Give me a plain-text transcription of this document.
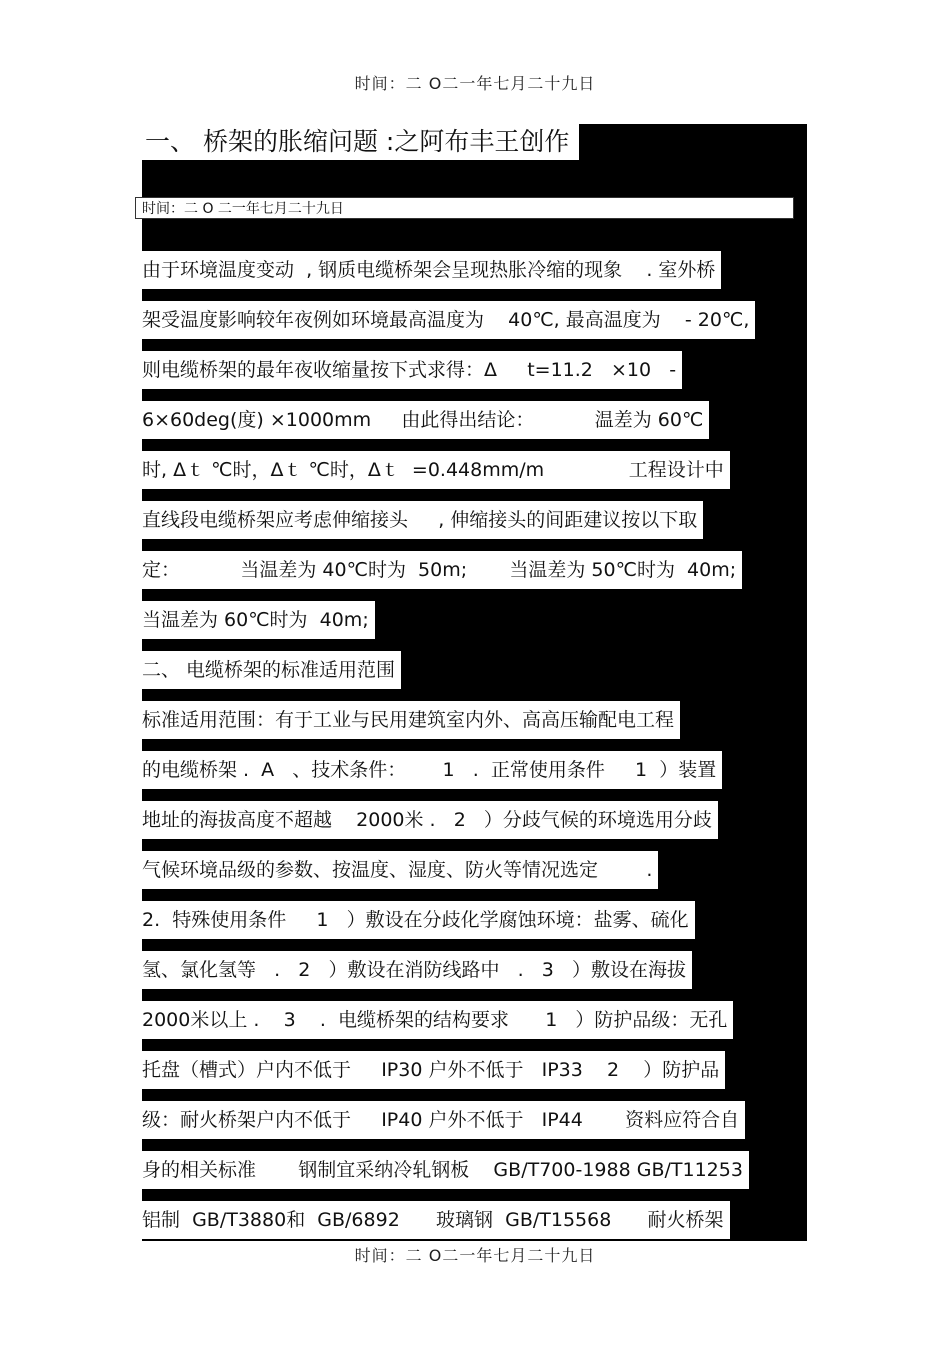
时间：二 O二一年七月二十九日
一、 桥架的胀缩问题 :之阿布丰王创作
时间：二 O 二一年七月二十九日
由于环境温度变动  , 钢质电缆桥架会呈现热胀冷缩的现象    . 室外桥
架受温度影响较年夜例如环境最高温度为    40℃, 最高温度为    - 20℃,
则电缆桥架的最年夜收缩量按下式求得：Δ     t=11.2   ×10   -
6×60deg(度) ×1000mm     由此得出结论：          温差为 60℃
时, Δｔ ℃时，Δｔ ℃时，Δｔ  =0.448mm/m              工程设计中
直线段电缆桥架应考虑伸缩接头     , 伸缩接头的间距建议按以下取
定：          当温差为 40℃时为  50m;       当温差为 50℃时为  40m;
当温差为 60℃时为  40m;
二、 电缆桥架的标准适用范围
标准适用范围：有于工业与民用建筑室内外、高高压输配电工程
的电缆桥架 .  A   、技术条件：      1   .  正常使用条件     1  ）装置
地址的海拔高度不超越    2000米 .   2   ）分歧气候的环境选用分歧
气候环境品级的参数、按温度、湿度、防火等情况选定        .
2.  特殊使用条件     1   ）敷设在分歧化学腐蚀环境：盐雾、硫化
氢、氯化氢等   .   2   ）敷设在消防线路中   .   3   ）敷设在海拔
2000米以上 .    3    .  电缆桥架的结构要求      1   ）防护品级：无孔
托盘（槽式）户内不低于     IP30 户外不低于   IP33    2    ）防护品
级：耐火桥架户内不低于     IP40 户外不低于   IP44       资料应符合自
身的相关标准       钢制宜采纳冷轧钢板    GB/T700-1988 GB/T11253
铝制  GB/T3880和  GB/6892      玻璃钢  GB/T15568      耐火桥架
时间：二 O二一年七月二十九日
